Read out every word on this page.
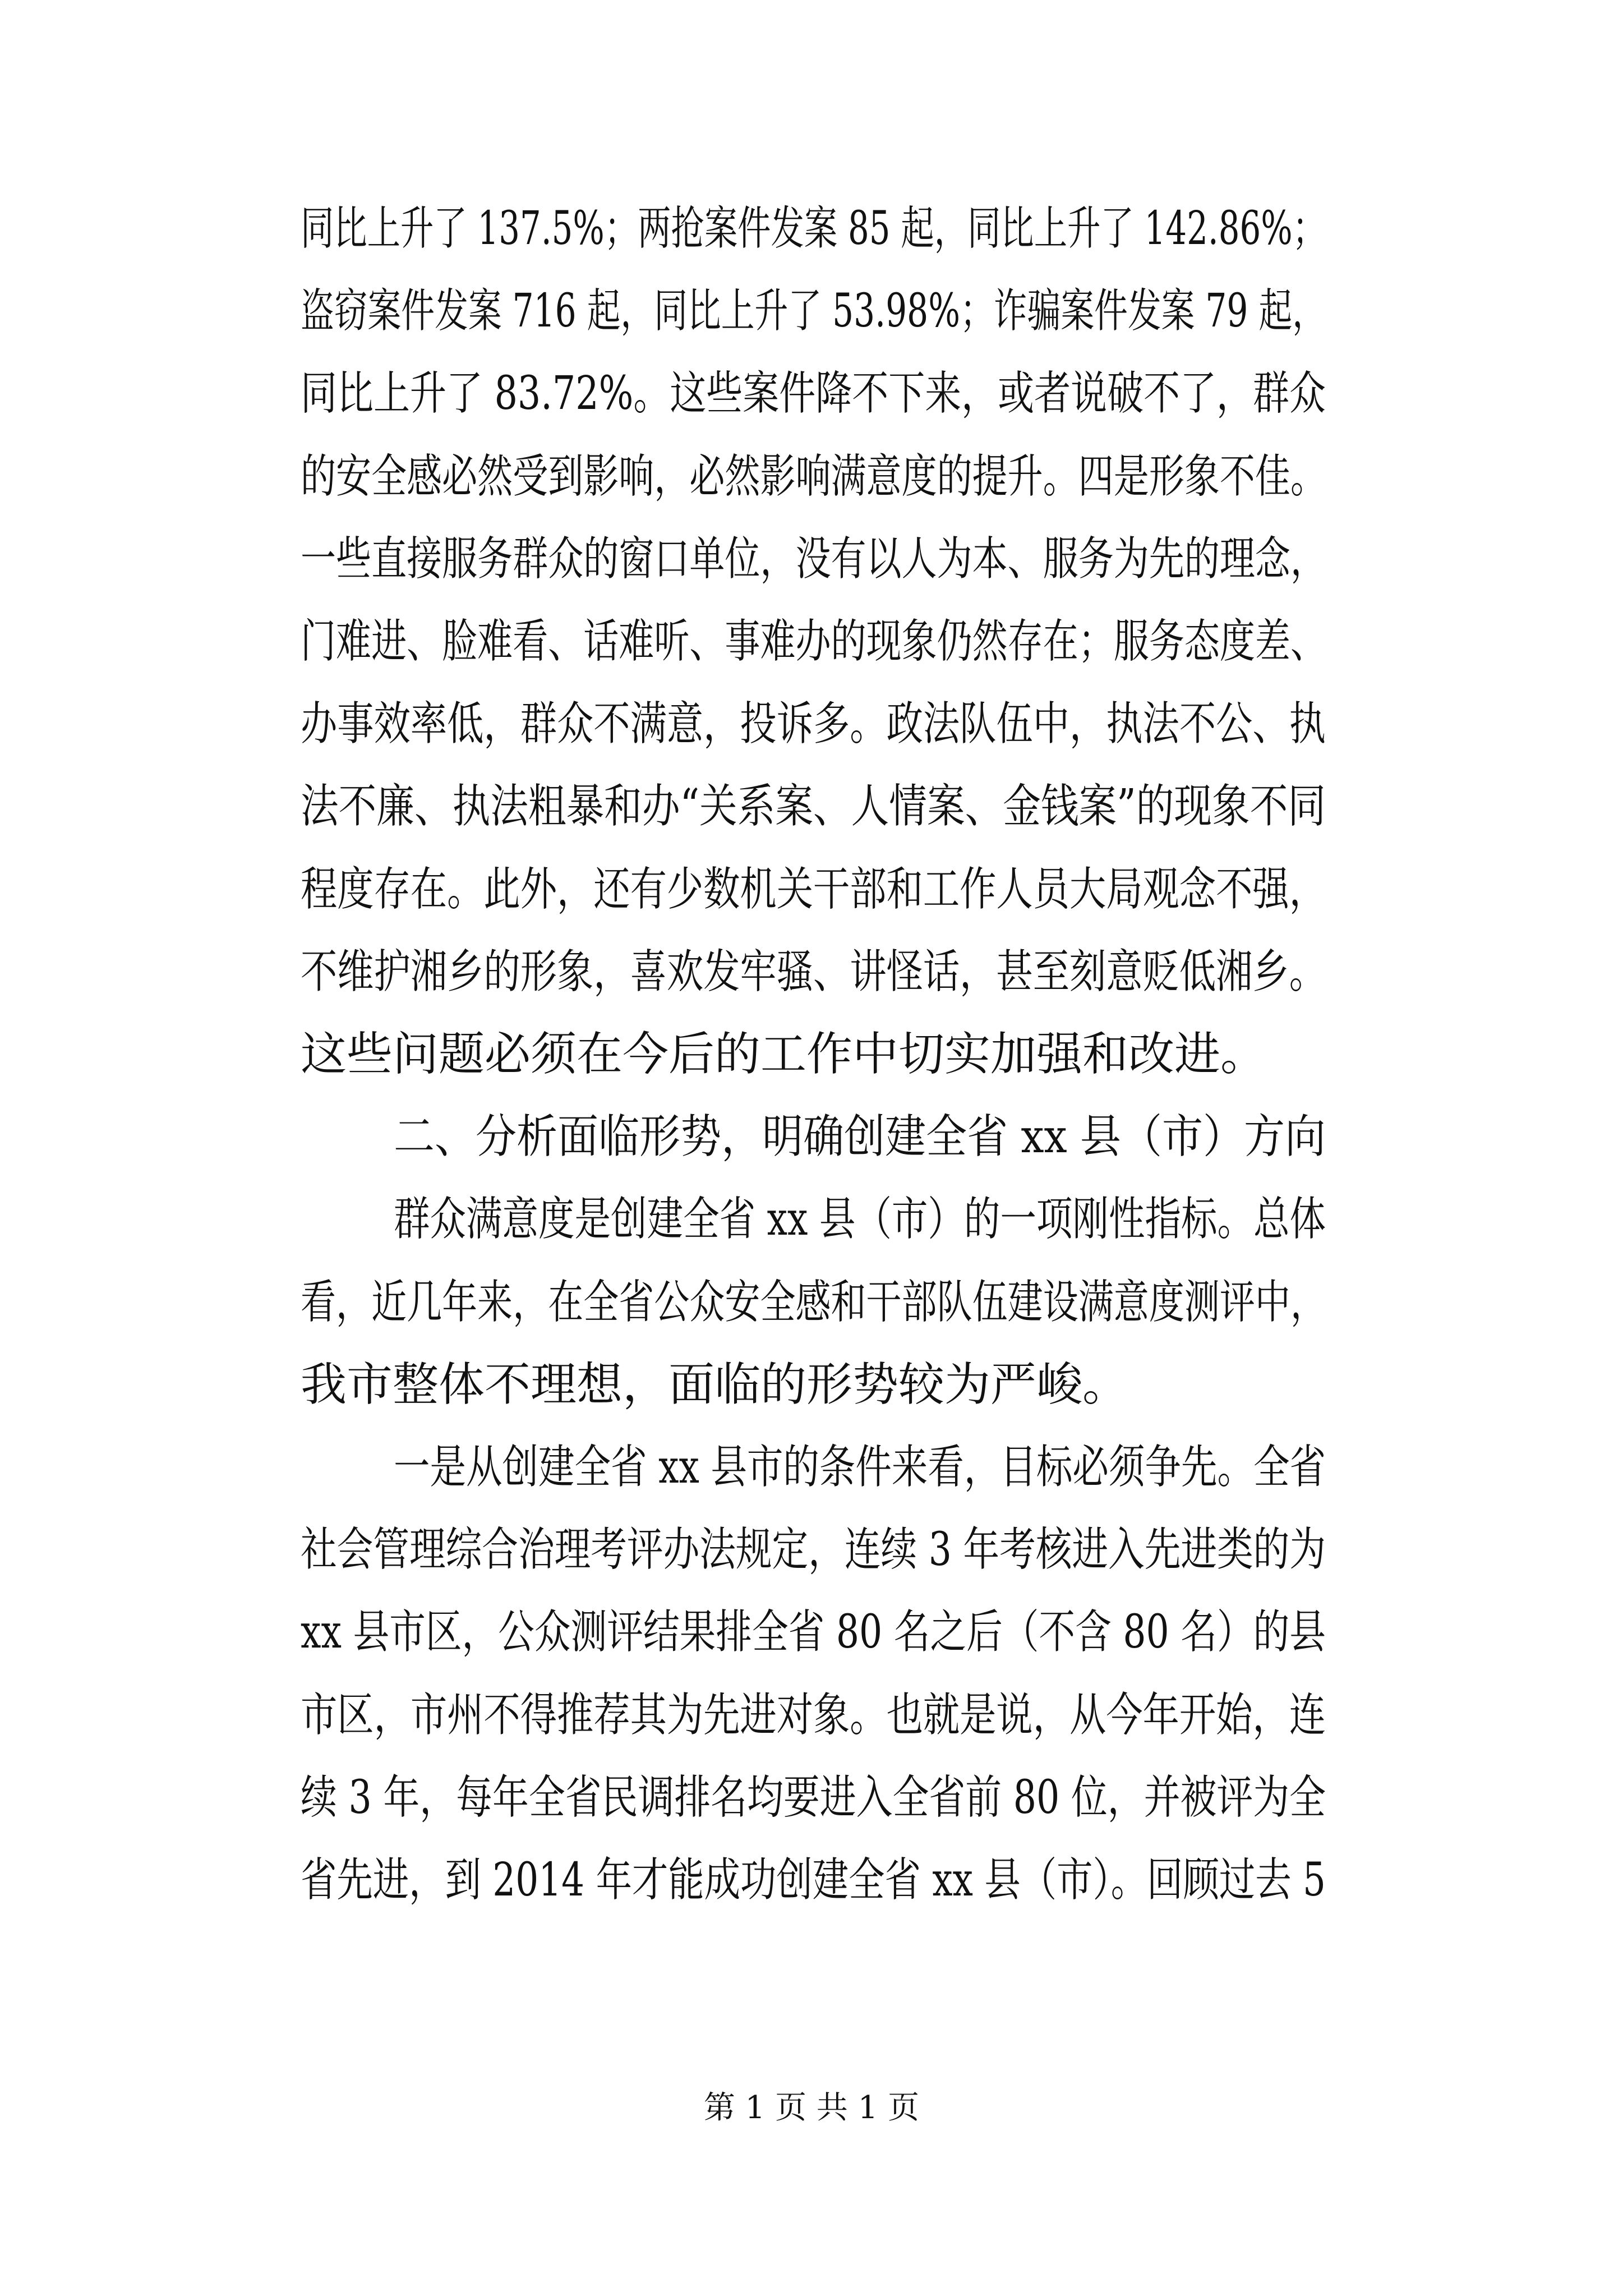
同比上升了 137.5%；两抢案件发案 85 起，同比上升了 142.86%；
盗窃案件发案 716 起，同比上升了 53.98%；诈骗案件发案 79 起，
同比上升了 83.72%。这些案件降不下来，或者说破不了，群众
的安全感必然受到影响，必然影响满意度的提升。四是形象不佳。
一些直接服务群众的窗口单位，没有以人为本、服务为先的理念，
门难进、脸难看、话难听、事难办的现象仍然存在；服务态度差、
办事效率低，群众不满意，投诉多。政法队伍中，执法不公、执
法不廉、执法粗暴和办“关系案、人情案、金钱案”的现象不同
程度存在。此外，还有少数机关干部和工作人员大局观念不强，
不维护湘乡的形象，喜欢发牢骚、讲怪话，甚至刻意贬低湘乡。
这些问题必须在今后的工作中切实加强和改进。
二、分析面临形势，明确创建全省 xx 县（市）方向
群众满意度是创建全省 xx 县（市）的一项刚性指标。总体
看，近几年来，在全省公众安全感和干部队伍建设满意度测评中，
我市整体不理想，面临的形势较为严峻。
一是从创建全省 xx 县市的条件来看，目标必须争先。全省
社会管理综合治理考评办法规定，连续 3 年考核进入先进类的为
xx 县市区，公众测评结果排全省 80 名之后（不含 80 名）的县
市区，市州不得推荐其为先进对象。也就是说，从今年开始，连
续 3 年，每年全省民调排名均要进入全省前 80 位，并被评为全
省先进，到 2014 年才能成功创建全省 xx 县（市）。回顾过去 5
第 1 页 共 1 页
